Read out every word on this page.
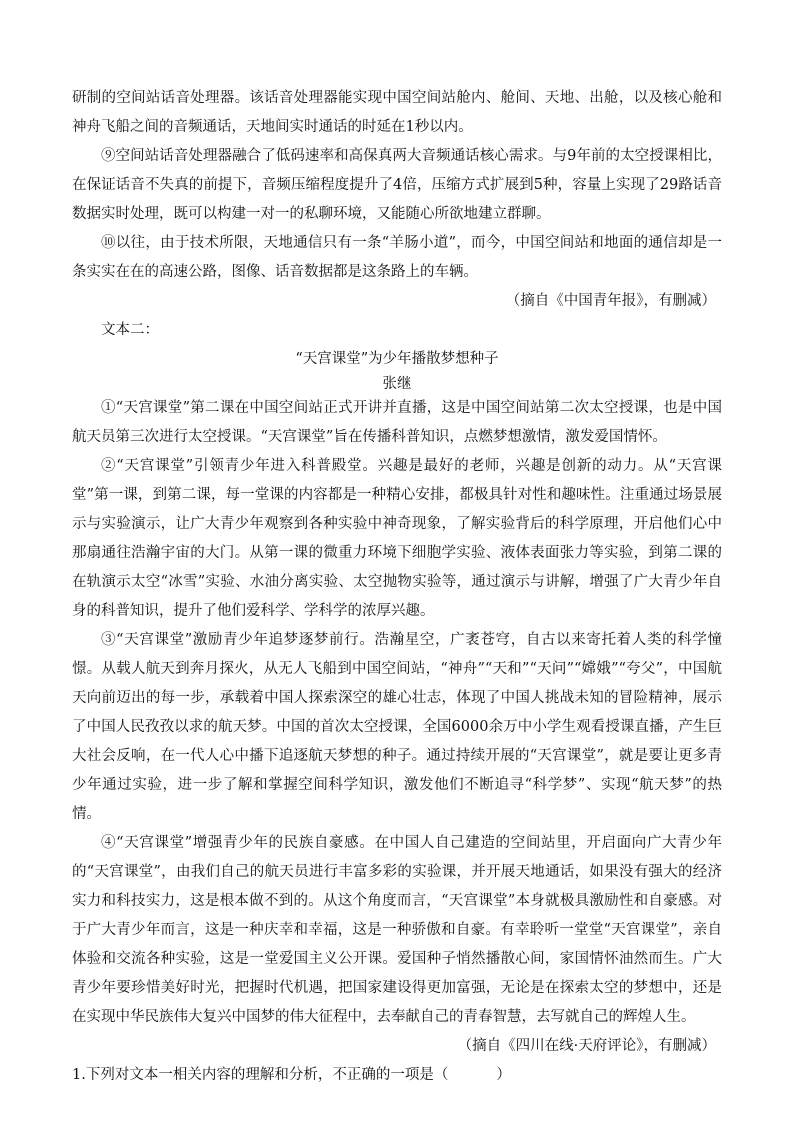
研制的空间站话音处理器。该话音处理器能实现中国空间站舱内、舱间、天地、出舱，以及核心舱和神舟飞船之间的音频通话，天地间实时通话的时延在1秒以内。

⑨空间站话音处理器融合了低码速率和高保真两大音频通话核心需求。与9年前的太空授课相比，在保证话音不失真的前提下，音频压缩程度提升了4倍，压缩方式扩展到5种，容量上实现了29路话音数据实时处理，既可以构建一对一的私聊环境，又能随心所欲地建立群聊。

⑩以往，由于技术所限，天地通信只有一条“羊肠小道”，而今，中国空间站和地面的通信却是一条实实在在的高速公路，图像、话音数据都是这条路上的车辆。

（摘自《中国青年报》，有删减）

文本二：

“天宫课堂”为少年播散梦想种子

张继

①“天宫课堂”第二课在中国空间站正式开讲并直播，这是中国空间站第二次太空授课，也是中国航天员第三次进行太空授课。“天宫课堂”旨在传播科普知识，点燃梦想激情，激发爱国情怀。

②“天宫课堂”引领青少年进入科普殿堂。兴趣是最好的老师，兴趣是创新的动力。从“天宫课堂”第一课，到第二课，每一堂课的内容都是一种精心安排，都极具针对性和趣味性。注重通过场景展示与实验演示，让广大青少年观察到各种实验中神奇现象，了解实验背后的科学原理，开启他们心中那扇通往浩瀚宇宙的大门。从第一课的微重力环境下细胞学实验、液体表面张力等实验，到第二课的在轨演示太空“冰雪”实验、水油分离实验、太空抛物实验等，通过演示与讲解，增强了广大青少年自身的科普知识，提升了他们爱科学、学科学的浓厚兴趣。

③“天宫课堂”激励青少年追梦逐梦前行。浩瀚星空，广袤苍穹，自古以来寄托着人类的科学憧憬。从载人航天到奔月探火，从无人飞船到中国空间站，“神舟”“天和”“天问”“嫦娥”“夸父”，中国航天向前迈出的每一步，承载着中国人探索深空的雄心壮志，体现了中国人挑战未知的冒险精神，展示了中国人民孜孜以求的航天梦。中国的首次太空授课，全国6000余万中小学生观看授课直播，产生巨大社会反响，在一代人心中播下追逐航天梦想的种子。通过持续开展的“天宫课堂”，就是要让更多青少年通过实验，进一步了解和掌握空间科学知识，激发他们不断追寻“科学梦”、实现“航天梦”的热情。

④“天宫课堂”增强青少年的民族自豪感。在中国人自己建造的空间站里，开启面向广大青少年的“天宫课堂”，由我们自己的航天员进行丰富多彩的实验课，并开展天地通话，如果没有强大的经济实力和科技实力，这是根本做不到的。从这个角度而言，“天宫课堂”本身就极具激励性和自豪感。对于广大青少年而言，这是一种庆幸和幸福，这是一种骄傲和自豪。有幸聆听一堂堂“天宫课堂”，亲自体验和交流各种实验，这是一堂爱国主义公开课。爱国种子悄然播散心间，家国情怀油然而生。广大青少年要珍惜美好时光，把握时代机遇，把国家建设得更加富强，无论是在探索太空的梦想中，还是在实现中华民族伟大复兴中国梦的伟大征程中，去奉献自己的青春智慧，去写就自己的辉煌人生。

（摘自《四川在线·天府评论》，有删减）

1.下列对文本一相关内容的理解和分析，不正确的一项是（	）
